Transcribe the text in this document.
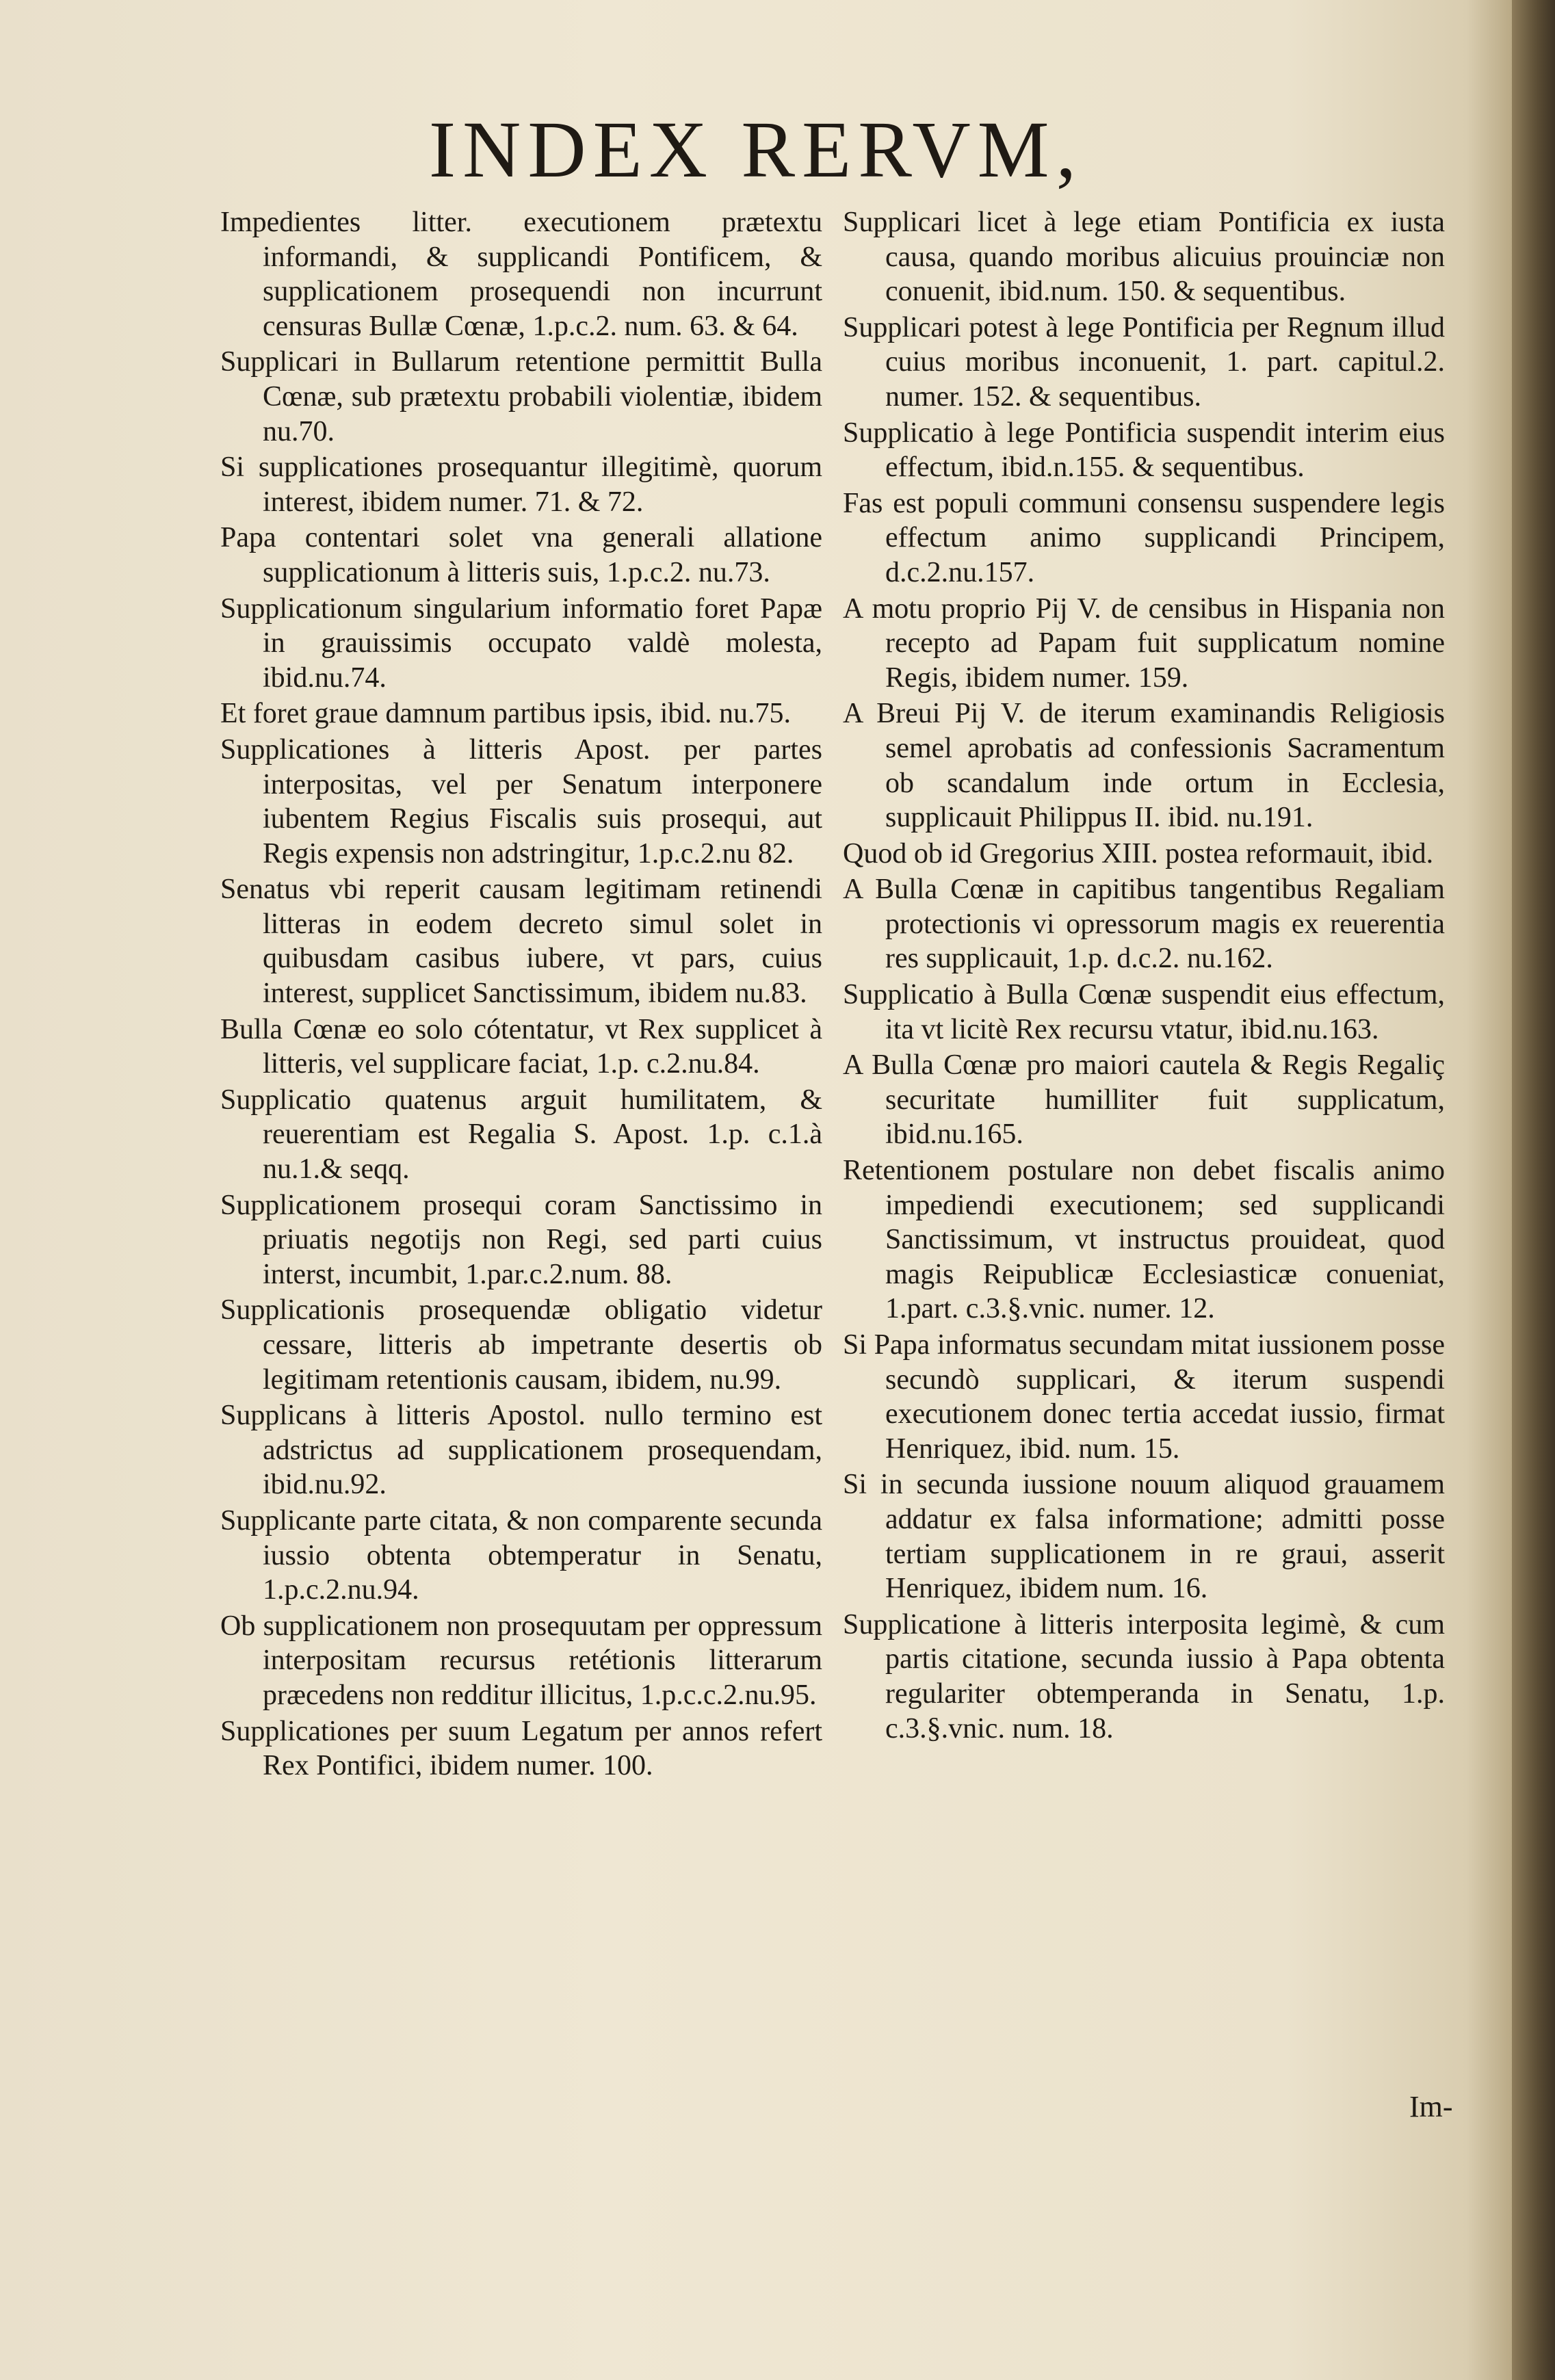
INDEX RERVM,

Impedientes litter. executionem prætextu informandi, & supplicandi Pontificem, & supplicationem prosequendi non incurrunt censuras Bullæ Cœnæ, 1.p.c.2. num. 63. & 64.

Supplicari in Bullarum retentione permittit Bulla Cœnæ, sub prætextu probabili violentiæ, ibidem nu.70.

Si supplicationes prosequantur illegitimè, quorum interest, ibidem numer. 71. & 72.

Papa contentari solet vna generali allatione supplicationum à litteris suis, 1.p.c.2. nu.73.

Supplicationum singularium informatio foret Papæ in grauissimis occupato valdè molesta, ibid.nu.74.

Et foret graue damnum partibus ipsis, ibid. nu.75.

Supplicationes à litteris Apost. per partes interpositas, vel per Senatum interponere iubentem Regius Fiscalis suis prosequi, aut Regis expensis non adstringitur, 1.p.c.2.nu 82.

Senatus vbi reperit causam legitimam retinendi litteras in eodem decreto simul solet in quibusdam casibus iubere, vt pars, cuius interest, supplicet Sanctissimum, ibidem nu.83.

Bulla Cœnæ eo solo cótentatur, vt Rex supplicet à litteris, vel supplicare faciat, 1.p. c.2.nu.84.

Supplicatio quatenus arguit humilitatem, & reuerentiam est Regalia S. Apost. 1.p. c.1.à nu.1.& seqq.

Supplicationem prosequi coram Sanctissimo in priuatis negotijs non Regi, sed parti cuius interst, incumbit, 1.par.c.2.num. 88.

Supplicationis prosequendæ obligatio videtur cessare, litteris ab impetrante desertis ob legitimam retentionis causam, ibidem, nu.99.

Supplicans à litteris Apostol. nullo termino est adstrictus ad supplicationem prosequendam, ibid.nu.92.

Supplicante parte citata, & non comparente secunda iussio obtenta obtemperatur in Senatu, 1.p.c.2.nu.94.

Ob supplicationem non prosequutam per oppressum interpositam recursus retétionis litterarum præcedens non redditur illicitus, 1.p.c.c.2.nu.95.

Supplicationes per suum Legatum per annos refert Rex Pontifici, ibidem numer. 100.

Supplicari licet à lege etiam Pontificia ex iusta causa, quando moribus alicuius prouinciæ non conuenit, ibid.num. 150. & sequentibus.

Supplicari potest à lege Pontificia per Regnum illud cuius moribus inconuenit, 1. part. capitul.2. numer. 152. & sequentibus.

Supplicatio à lege Pontificia suspendit interim eius effectum, ibid.n.155. & sequentibus.

Fas est populi communi consensu suspendere legis effectum animo supplicandi Principem, d.c.2.nu.157.

A motu proprio Pij V. de censibus in Hispania non recepto ad Papam fuit supplicatum nomine Regis, ibidem numer. 159.

A Breui Pij V. de iterum examinandis Religiosis semel aprobatis ad confessionis Sacramentum ob scandalum inde ortum in Ecclesia, supplicauit Philippus II. ibid. nu.191.

Quod ob id Gregorius XIII. postea reformauit, ibid.

A Bulla Cœnæ in capitibus tangentibus Regaliam protectionis vi opressorum magis ex reuerentia res supplicauit, 1.p. d.c.2. nu.162.

Supplicatio à Bulla Cœnæ suspendit eius effectum, ita vt licitè Rex recursu vtatur, ibid.nu.163.

A Bulla Cœnæ pro maiori cautela & Regis Regaliç securitate humilliter fuit supplicatum, ibid.nu.165.

Retentionem postulare non debet fiscalis animo impediendi executionem; sed supplicandi Sanctissimum, vt instructus prouideat, quod magis Reipublicæ Ecclesiasticæ conueniat, 1.part. c.3.§.vnic. numer. 12.

Si Papa informatus secundam mitat iussionem posse secundò supplicari, & iterum suspendi executionem donec tertia accedat iussio, firmat Henriquez, ibid. num. 15.

Si in secunda iussione nouum aliquod grauamem addatur ex falsa informatione; admitti posse tertiam supplicationem in re graui, asserit Henriquez, ibidem num. 16.

Supplicatione à litteris interposita legimè, & cum partis citatione, secunda iussio à Papa obtenta regulariter obtemperanda in Senatu, 1.p. c.3.§.vnic. num. 18.

Im-
